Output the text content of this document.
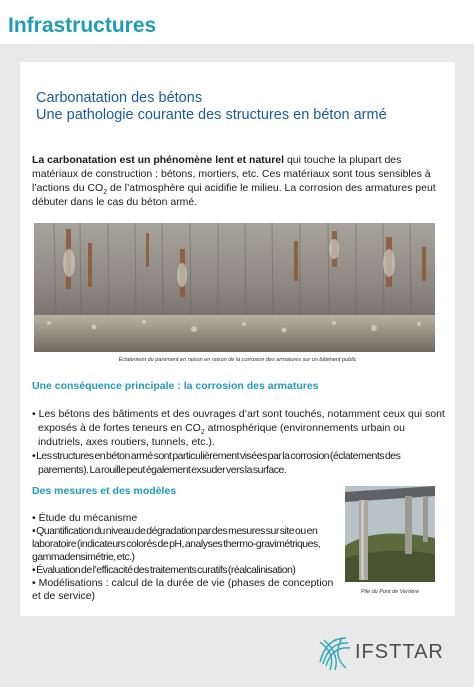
Infrastructures
Carbonatation des bétons
Une pathologie courante des structures en béton armé
La carbonatation est un phénomène lent et naturel qui touche la plupart des matériaux de construction : bétons, mortiers, etc. Ces matériaux sont tous sensibles à l’actions du $CO_2$ de l’atmosphère qui acidifie le milieu. La corrosion des armatures peut débuter dans le cas du béton armé.
Éclatement du parement en raison en raison de la corrosion des armatures sur un bâtiment public
Une conséquence principale : la corrosion des armatures

• Les bétons des bâtiments et des ouvrages d’art sont touchés, notamment ceux qui sont exposés à de fortes teneurs en $CO_2$ atmosphérique (environnements urbain ou indutriels, axes routiers, tunnels, etc.).

• Les structures en béton armé sont particulièrement visées par la corrosion (éclatements des parements). La rouille peut également exsuder vers la surface.

Des mesures et des modèles
• Étude du mécanisme
• Quantification du niveau de dégradation par des mesures sur site ou en laboratoire (indicateurs colorés de pH, analyses thermo-gravimétriques, gammadensimétrie, etc.)
• Évaluation de l’efficacité des traitements curatifs (réalcalinisation)
• Modélisations : calcul de la durée de vie (phases de conception et de service)	Pile du Pont de Verrière
IFSTTAR
